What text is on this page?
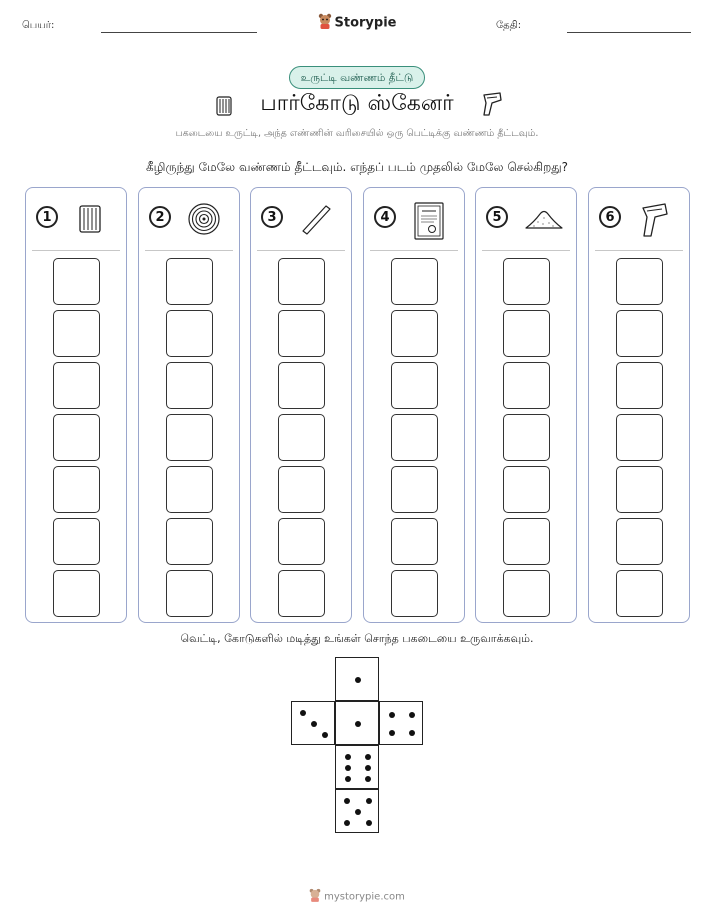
பெயர்:	Storypie	தேதி:
உருட்டி வண்ணம் தீட்டு
பார்கோடு ஸ்கேனர்
பகடையை உருட்டி, அந்த எண்ணின் வரிசையில் ஒரு பெட்டிக்கு வண்ணம் தீட்டவும்.
கீழிருந்து மேலே வண்ணம் தீட்டவும். எந்தப் படம் முதலில் மேலே செல்கிறது?
1	2	3	4	5	6
வெட்டி, கோடுகளில் மடித்து உங்கள் சொந்த பகடையை உருவாக்கவும்.
mystorypie.com
